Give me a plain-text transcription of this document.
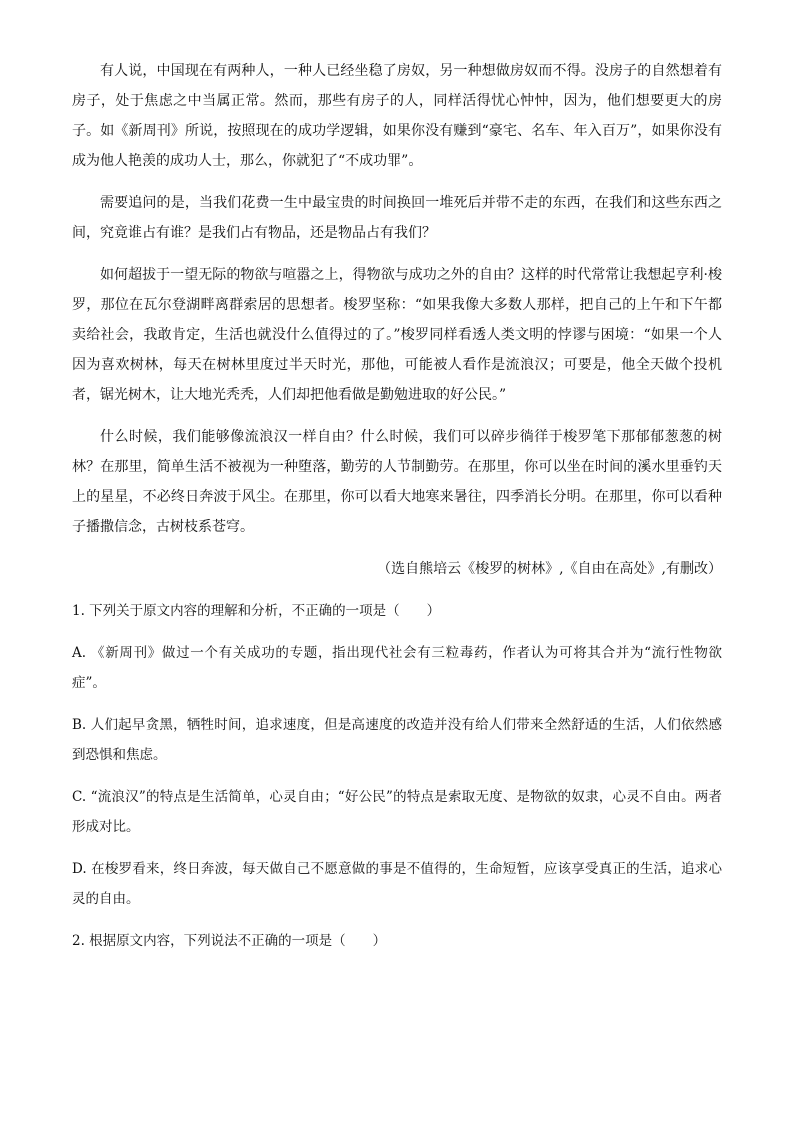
有人说，中国现在有两种人，一种人已经坐稳了房奴，另一种想做房奴而不得。没房子的自然想着有房子，处于焦虑之中当属正常。然而，那些有房子的人，同样活得忧心忡忡，因为，他们想要更大的房子。如《新周刊》所说，按照现在的成功学逻辑，如果你没有赚到“豪宅、名车、年入百万”，如果你没有成为他人艳羡的成功人士，那么，你就犯了“不成功罪”。

需要追问的是，当我们花费一生中最宝贵的时间换回一堆死后并带不走的东西，在我们和这些东西之间，究竟谁占有谁？是我们占有物品，还是物品占有我们？

如何超拔于一望无际的物欲与喧嚣之上，得物欲与成功之外的自由？这样的时代常常让我想起亨利·梭罗，那位在瓦尔登湖畔离群索居的思想者。梭罗坚称：“如果我像大多数人那样，把自己的上午和下午都卖给社会，我敢肯定，生活也就没什么值得过的了。”梭罗同样看透人类文明的悖谬与困境：“如果一个人因为喜欢树林，每天在树林里度过半天时光，那他，可能被人看作是流浪汉；可要是，他全天做个投机者，锯光树木，让大地光秃秃，人们却把他看做是勤勉进取的好公民。”

什么时候，我们能够像流浪汉一样自由？什么时候，我们可以碎步徜徉于梭罗笔下那郁郁葱葱的树林？在那里，简单生活不被视为一种堕落，勤劳的人节制勤劳。在那里，你可以坐在时间的溪水里垂钓天上的星星，不必终日奔波于风尘。在那里，你可以看大地寒来暑往，四季消长分明。在那里，你可以看种子播撒信念，古树枝系苍穹。

（选自熊培云《梭罗的树林》,《自由在高处》,有删改）

1. 下列关于原文内容的理解和分析，不正确的一项是（　　）

A. 《新周刊》做过一个有关成功的专题，指出现代社会有三粒毒药，作者认为可将其合并为“流行性物欲症”。

B. 人们起早贪黑，牺牲时间，追求速度，但是高速度的改造并没有给人们带来全然舒适的生活，人们依然感到恐惧和焦虑。

C. “流浪汉”的特点是生活简单，心灵自由；“好公民”的特点是索取无度、是物欲的奴隶，心灵不自由。两者形成对比。

D. 在梭罗看来，终日奔波，每天做自己不愿意做的事是不值得的，生命短暂，应该享受真正的生活，追求心灵的自由。

2. 根据原文内容，下列说法不正确的一项是（　　）
